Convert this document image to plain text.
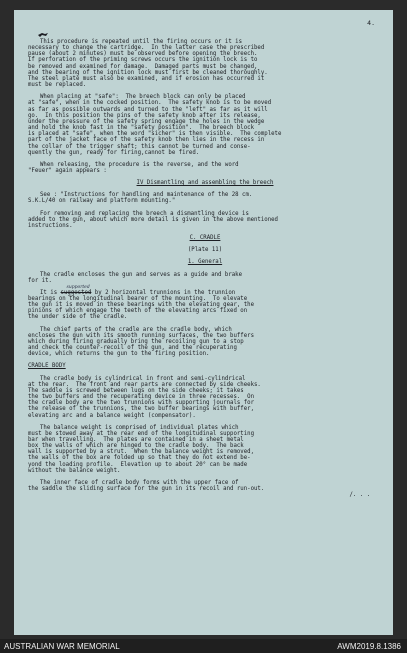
4.

This procedure is repeated until the firing occurs or it is

necessary to change the cartridge.  In the latter case the prescribed

pause (about 2 minutes) must be observed before opening the breech.

If perforation of the priming screws occurs the ignition lock is to

be removed and examined for damage.  Damaged parts must be changed,

and the bearing of the ignition lock must first be cleaned thoroughly.

The steel plate must also be examined, and if erosion has occurred it

must be replaced.

When placing at "safe":  The breech block can only be placed

at "safe", when in the cocked position.  The safety knob is to be moved

as far as possible outwards and turned to the "left" as far as it will

go.  In this position the pins of the safety knob after its release,

under the pressure of the safety spring engage the holes in the wedge

and hold the knob fast in the "safety position".  The breech block

is placed at "safe", when the word "sicher" is then visible.  The complete

part of the jacket face of the safety knob then lies in the recess in

the collar of the trigger shaft; this cannot be turned and conse-

quently the gun, ready for firing,cannot be fired.

When releasing, the procedure is the reverse, and the word

"Feuer" again appears :

IV Dismantling and assembling the breech

See : "Instructions for handling and maintenance of the 28 cm.

S.K.L/40 on railway and platform mounting."

For removing and replacing the breech a dismantling device is

added to the gun, about which more detail is given in the above mentioned

instructions.

C. CRADLE

(Plate 11)

1. General

The cradle encloses the gun and serves as a guide and brake

for it.

It is
supported
suggested by 2 horizontal trunnions in the trunnion

bearings on the longitudinal bearer of the mounting.  To elevate

the gun it is moved in these bearings with the elevating gear, the

pinions of which engage the teeth of the elevating arcs fixed on

the under side of the cradle.

The chief parts of the cradle are the cradle body, which

encloses the gun with its smooth running surfaces, the two buffers

which during firing gradually bring the recoiling gun to a stop

and check the counter-recoil of the gun, and the recuperating

device, which returns the gun to the firing position.

CRADLE BODY

The cradle body is cylindrical in front and semi-cylindrical

at the rear.  The front and rear parts are connected by side cheeks.

The saddle is screwed between lugs on the side cheeks; it takes

the two buffers and the recuperating device in three recesses.  On

the cradle body are the two trunnions with supporting journals for

the release of the trunnions, the two buffer bearings with buffer,

elevating arc and a balance weight (compensator).

The balance weight is comprised of individual plates which

must be stowed away at the rear end of the longitudinal supporting

bar when travelling.  The plates are contained in a sheet metal

box the walls of which are hinged to the cradle body.  The back

wall is supported by a strut.  When the balance weight is removed,

the walls of the box are folded up so that they do not extend be-

yond the loading profile.  Elevation up to about 20° can be made

without the balance weight.

The inner face of cradle body forms with the upper face of

the saddle the sliding surface for the gun in its recoil and run-out.

/. . .

AUSTRALIAN WAR MEMORIAL	AWM2019.8.1386
